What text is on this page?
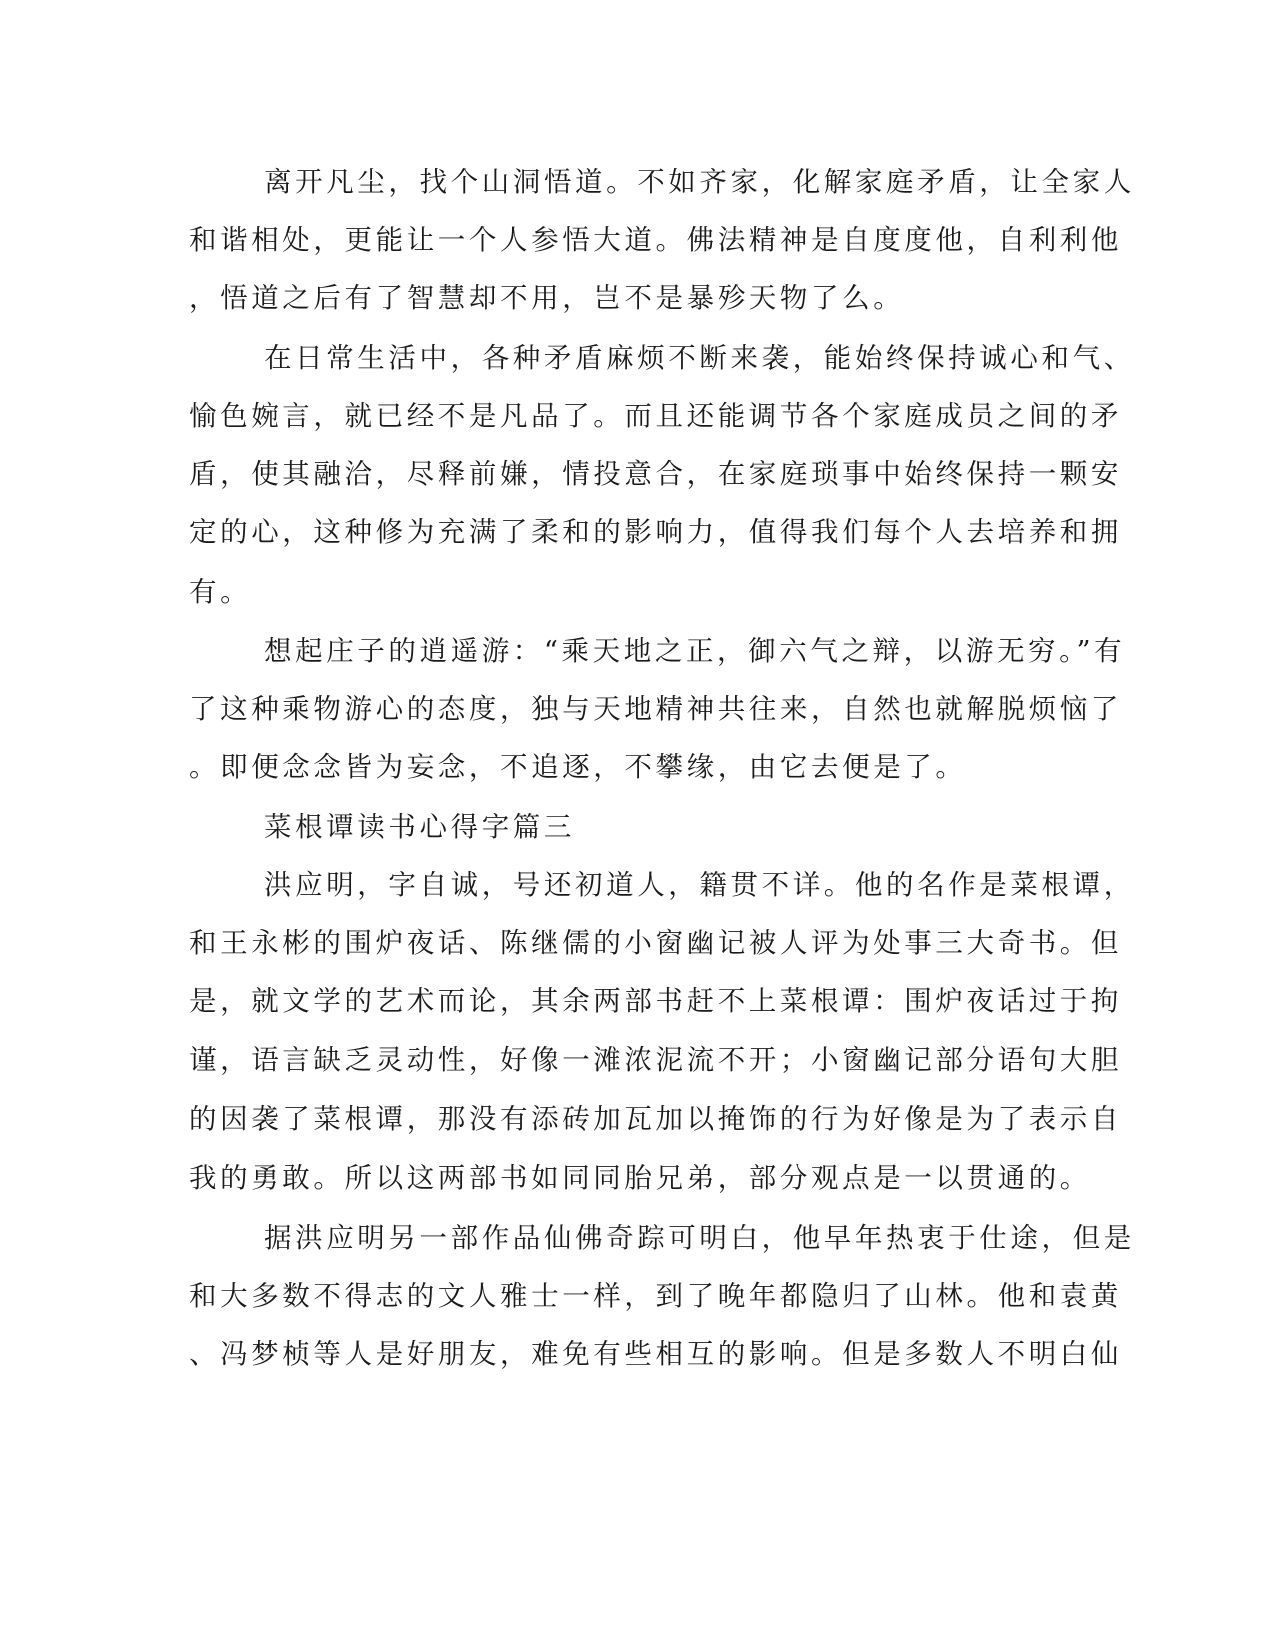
离开凡尘，找个山洞悟道。不如齐家，化解家庭矛盾，让全家人
和谐相处，更能让一个人参悟大道。佛法精神是自度度他，自利利他
，悟道之后有了智慧却不用，岂不是暴殄天物了么。
在日常生活中，各种矛盾麻烦不断来袭，能始终保持诚心和气、
愉色婉言，就已经不是凡品了。而且还能调节各个家庭成员之间的矛
盾，使其融洽，尽释前嫌，情投意合，在家庭琐事中始终保持一颗安
定的心，这种修为充满了柔和的影响力，值得我们每个人去培养和拥
有。
想起庄子的逍遥游：“乘天地之正，御六气之辩，以游无穷。”有
了这种乘物游心的态度，独与天地精神共往来，自然也就解脱烦恼了
。即便念念皆为妄念，不追逐，不攀缘，由它去便是了。
菜根谭读书心得字篇三
洪应明，字自诚，号还初道人，籍贯不详。他的名作是菜根谭，
和王永彬的围炉夜话、陈继儒的小窗幽记被人评为处事三大奇书。但
是，就文学的艺术而论，其余两部书赶不上菜根谭：围炉夜话过于拘
谨，语言缺乏灵动性，好像一滩浓泥流不开；小窗幽记部分语句大胆
的因袭了菜根谭，那没有添砖加瓦加以掩饰的行为好像是为了表示自
我的勇敢。所以这两部书如同同胎兄弟，部分观点是一以贯通的。
据洪应明另一部作品仙佛奇踪可明白，他早年热衷于仕途，但是
和大多数不得志的文人雅士一样，到了晚年都隐归了山林。他和袁黄
、冯梦桢等人是好朋友，难免有些相互的影响。但是多数人不明白仙
